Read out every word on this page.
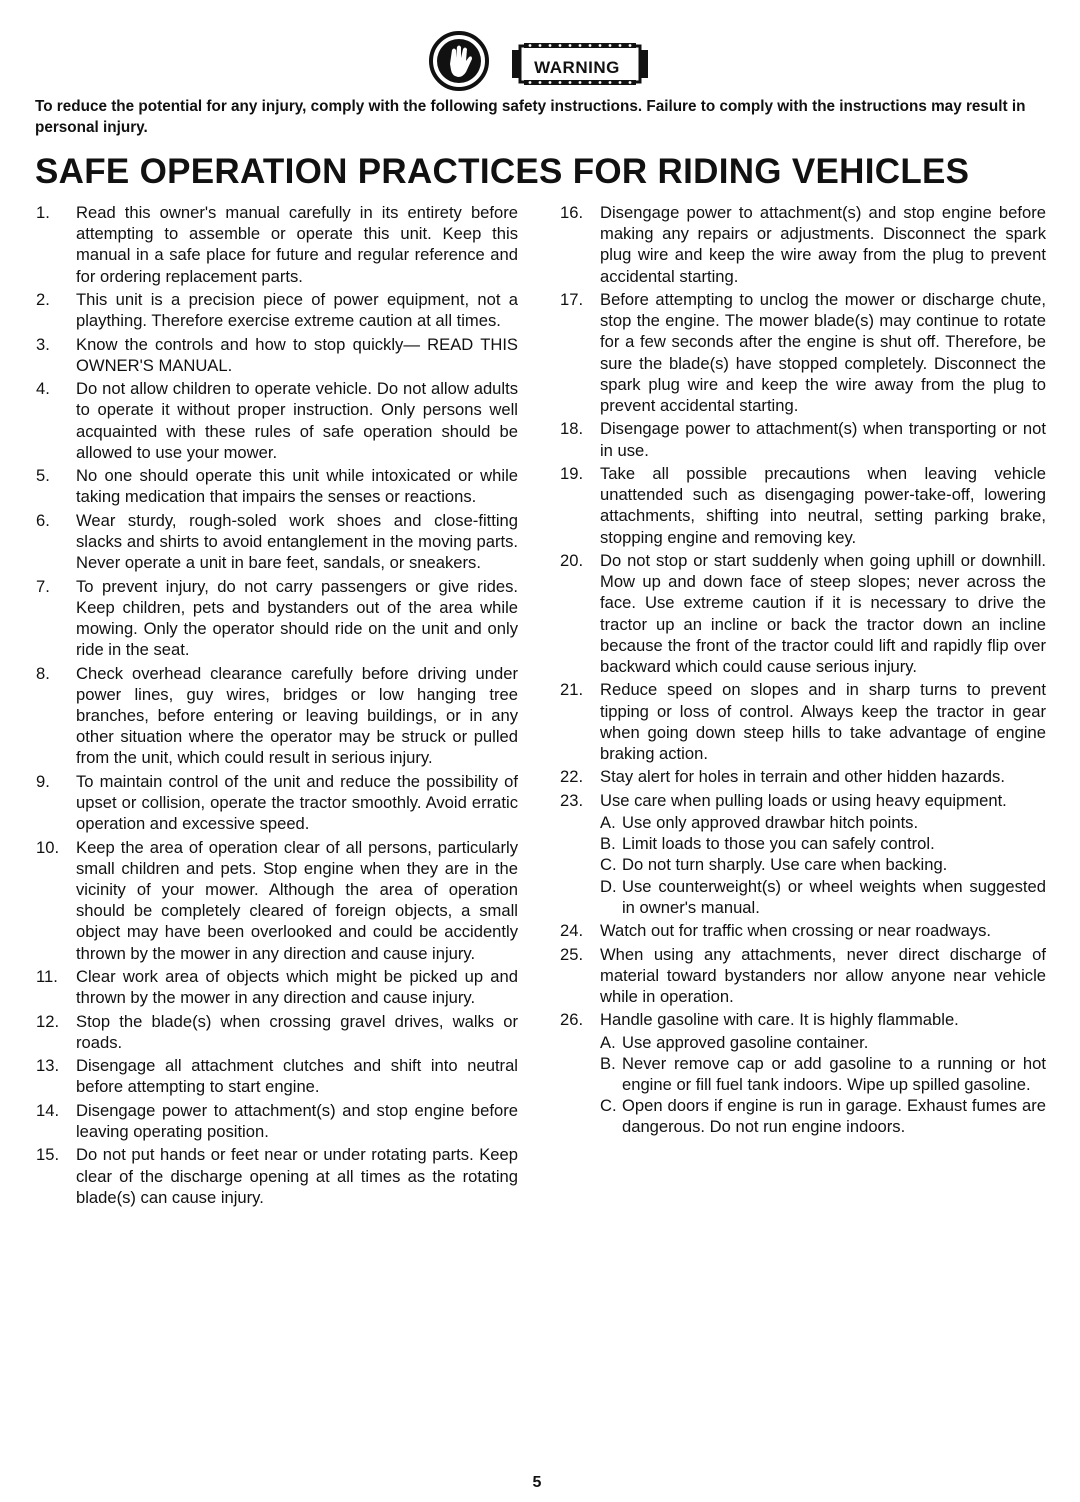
WARNING
To reduce the potential for any injury, comply with the following safety instructions. Failure to comply with the instructions may result in personal injury.
SAFE OPERATION PRACTICES FOR RIDING VEHICLES
1.	Read this owner's manual carefully in its entirety before attempting to assemble or operate this unit. Keep this manual in a safe place for future and regular reference and for ordering replacement parts.
2.	This unit is a precision piece of power equipment, not a plaything. Therefore exercise extreme caution at all times.
3.	Know the controls and how to stop quickly— READ THIS OWNER'S MANUAL.
4.	Do not allow children to operate vehicle. Do not allow adults to operate it without proper instruction. Only persons well acquainted with these rules of safe operation should be allowed to use your mower.
5.	No one should operate this unit while intoxicated or while taking medication that impairs the senses or reactions.
6.	Wear sturdy, rough-soled work shoes and close-fitting slacks and shirts to avoid entanglement in the moving parts. Never operate a unit in bare feet, sandals, or sneakers.
7.	To prevent injury, do not carry passengers or give rides. Keep children, pets and bystanders out of the area while mowing. Only the operator should ride on the unit and only ride in the seat.
8.	Check overhead clearance carefully before driving under power lines, guy wires, bridges or low hanging tree branches, before entering or leaving buildings, or in any other situation where the operator may be struck or pulled from the unit, which could result in serious injury.
9.	To maintain control of the unit and reduce the possibility of upset or collision, operate the tractor smoothly. Avoid erratic operation and excessive speed.
10.	Keep the area of operation clear of all persons, particularly small children and pets. Stop engine when they are in the vicinity of your mower. Although the area of operation should be completely cleared of foreign objects, a small object may have been overlooked and could be accidently thrown by the mower in any direction and cause injury.
11.	Clear work area of objects which might be picked up and thrown by the mower in any direction and cause injury.
12.	Stop the blade(s) when crossing gravel drives, walks or roads.
13.	Disengage all attachment clutches and shift into neutral before attempting to start engine.
14.	Disengage power to attachment(s) and stop engine before leaving operating position.
15.	Do not put hands or feet near or under rotating parts. Keep clear of the discharge opening at all times as the rotating blade(s) can cause injury.
16.	Disengage power to attachment(s) and stop engine before making any repairs or adjustments. Disconnect the spark plug wire and keep the wire away from the plug to prevent accidental starting.
17.	Before attempting to unclog the mower or discharge chute, stop the engine. The mower blade(s) may continue to rotate for a few seconds after the engine is shut off. Therefore, be sure the blade(s) have stopped completely. Disconnect the spark plug wire and keep the wire away from the plug to prevent accidental starting.
18.	Disengage power to attachment(s) when transporting or not in use.
19.	Take all possible precautions when leaving vehicle unattended such as disengaging power-take-off, lowering attachments, shifting into neutral, setting parking brake, stopping engine and removing key.
20.	Do not stop or start suddenly when going uphill or downhill. Mow up and down face of steep slopes; never across the face. Use extreme caution if it is necessary to drive the tractor up an incline or back the tractor down an incline because the front of the tractor could lift and rapidly flip over backward which could cause serious injury.
21.	Reduce speed on slopes and in sharp turns to prevent tipping or loss of control. Always keep the tractor in gear when going down steep hills to take advantage of engine braking action.
22.	Stay alert for holes in terrain and other hidden hazards.
23.	Use care when pulling loads or using heavy equipment.
A. Use only approved drawbar hitch points.
B. Limit loads to those you can safely control.
C. Do not turn sharply. Use care when backing.
D. Use counterweight(s) or wheel weights when suggested in owner's manual.
24.	Watch out for traffic when crossing or near roadways.
25.	When using any attachments, never direct discharge of material toward bystanders nor allow anyone near vehicle while in operation.
26.	Handle gasoline with care. It is highly flammable.
A. Use approved gasoline container.
B. Never remove cap or add gasoline to a running or hot engine or fill fuel tank indoors. Wipe up spilled gasoline.
C. Open doors if engine is run in garage. Exhaust fumes are dangerous. Do not run engine indoors.
5
